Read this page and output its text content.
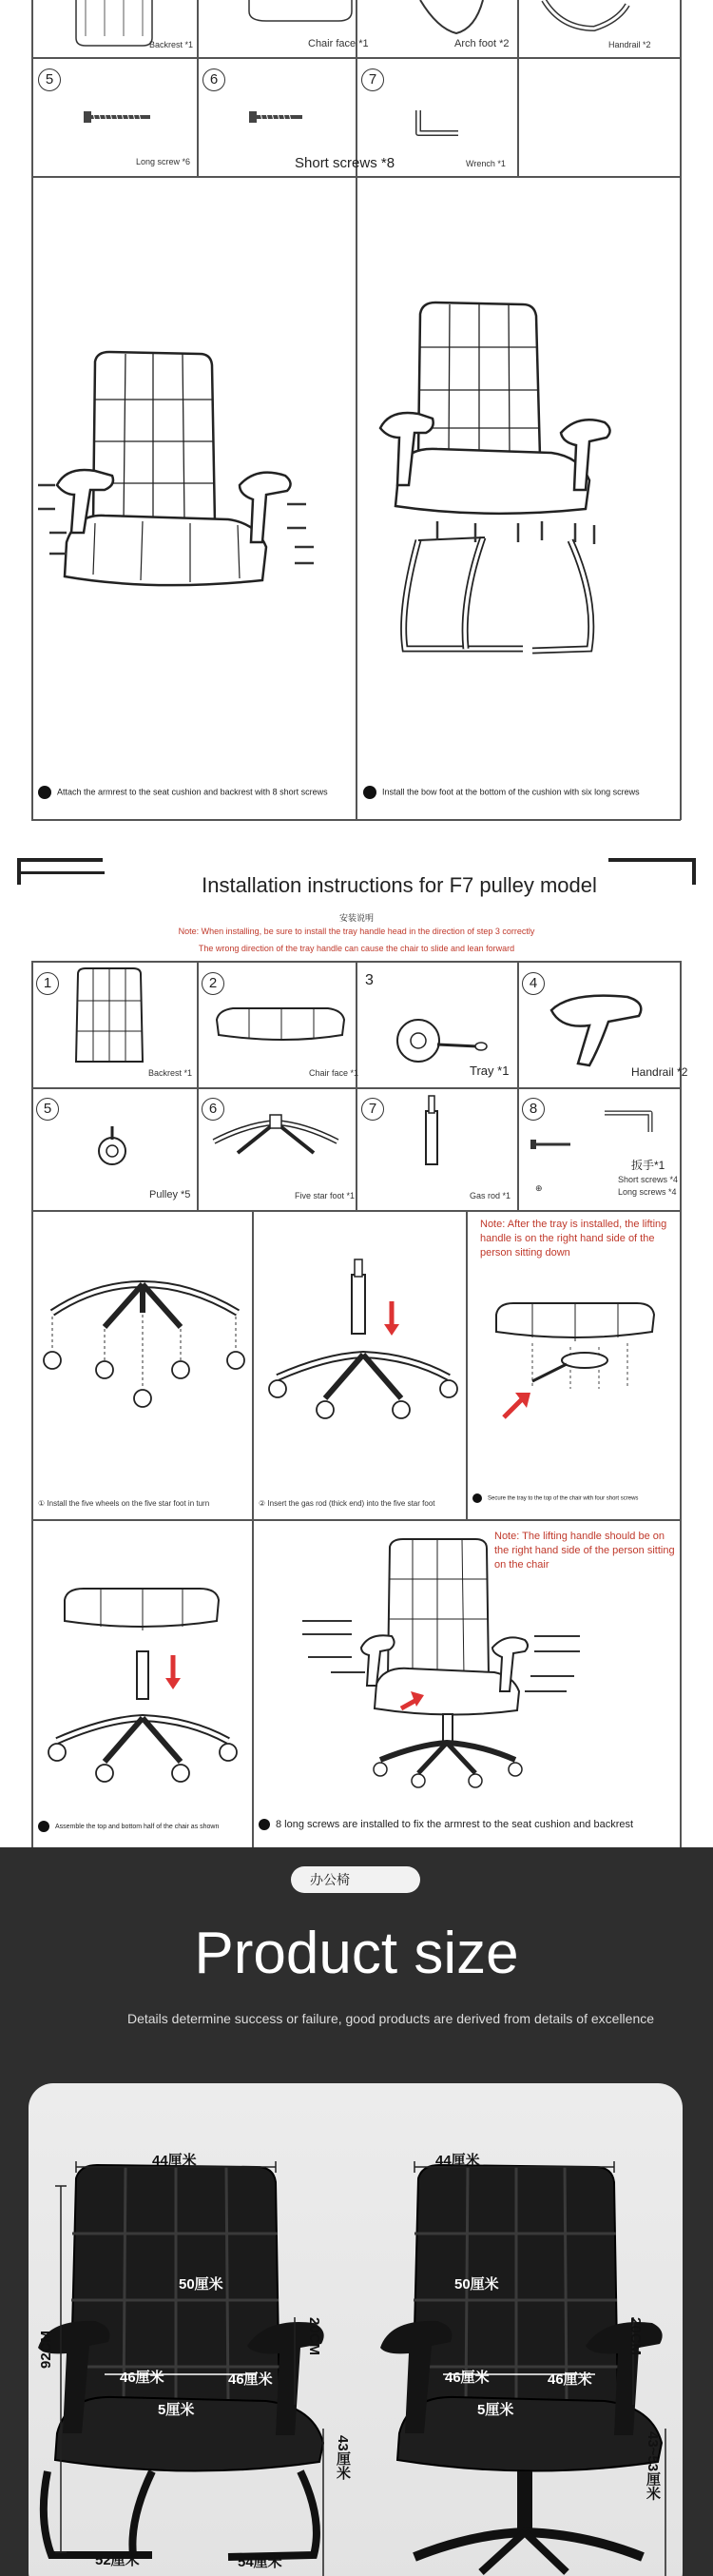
Backrest *1	Chair face *1	Arch foot *2	Handrail *2
5	6	7
Long screw *6	Short screws *8	Wrench *1
Attach the armrest to the seat cushion and backrest with 8 short screws	Install the bow foot at the bottom of the cushion with six long screws
Installation instructions for F7 pulley model
安装说明
Note: When installing, be sure to install the tray handle head in the direction of step 3 correctly
The wrong direction of the tray handle can cause the chair to slide and lean forward
1	2	3	4
5	6	7	8
Backrest *1	Chair face *1	Tray *1	Handrail *2
Pulley *5	Five star foot *1	Gas rod *1
扳手*1
Short screws *4
Long screws *4
⊕
Note: After the tray is installed, the lifting handle is on the right hand side of the person sitting down
① Install the five wheels on the five star foot in turn	② Insert the gas rod (thick end) into the five star foot
Secure the tray to the top of the chair with four short screws
Note: The lifting handle should be on the right hand side of the person sitting on the chair
Assemble the top and bottom half of the chair as shown	8 long screws are installed to fix the armrest to the seat cushion and backrest
办公椅
Product size
Details determine success or failure, good products are derived from details of excellence
44厘米
92CM
50厘米
20CM
46厘米	46厘米
5厘米
43厘米
52厘米	54厘米
44厘米
50厘米
20CM
46厘米	46厘米
5厘米
43~53厘米
